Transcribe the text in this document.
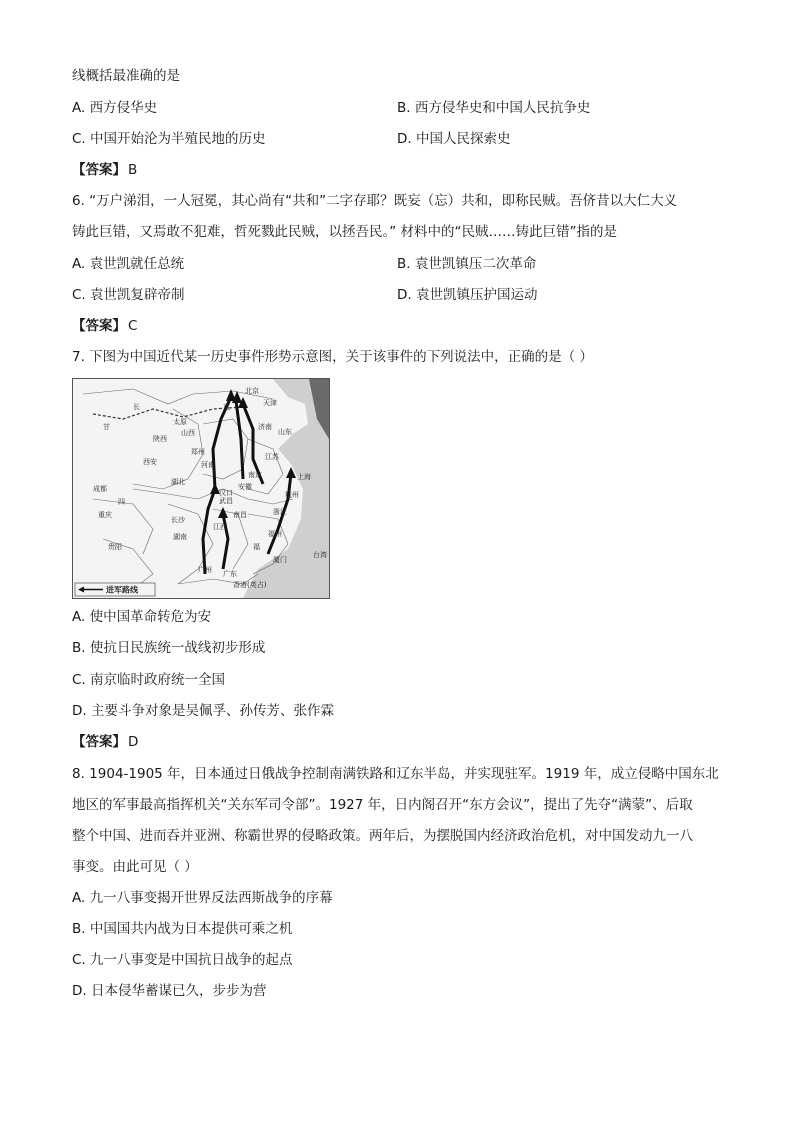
线概括最准确的是
A. 西方侵华史	B. 西方侵华史和中国人民抗争史
C. 中国开始沦为半殖民地的历史	D. 中国人民探索史
【答案】 B
6. “万户涕泪，一人冠冕，其心尚有“共和”二字存耶？既妄（忘）共和，即称民贼。吾侪昔以大仁大义
铸此巨错，又焉敢不犯难，哲死戮此民贼，以拯吾民。” 材料中的“民贼……铸此巨错”指的是
A. 袁世凯就任总统	B. 袁世凯镇压二次革命
C. 袁世凯复辟帝制	D. 袁世凯镇压护国运动
【答案】 C
7. 下图为中国近代某一历史事件形势示意图，关于该事件的下列说法中，正确的是（ ）
北京
天津
太原
山西
济南
山东
陕西
郑州
河南
西安
湖北
南京
安徽
上海
成都
重庆
长沙
湖南
南昌
江西
杭州
浙江
福州
贵阳
广州 广东
台湾
厦门
汉口
武昌
长
甘
直
江苏
四
福
香港(英占)
进军路线
A. 使中国革命转危为安
B. 使抗日民族统一战线初步形成
C. 南京临时政府统一全国
D. 主要斗争对象是吴佩孚、孙传芳、张作霖
【答案】 D
8. 1904-1905 年，日本通过日俄战争控制南满铁路和辽东半岛，并实现驻军。1919 年，成立侵略中国东北
地区的军事最高指挥机关“关东军司令部”。1927 年，日内阁召开“东方会议”，提出了先夺“满蒙”、后取
整个中国、进而吞并亚洲、称霸世界的侵略政策。两年后，为摆脱国内经济政治危机，对中国发动九一八
事变。由此可见（ ）
A. 九一八事变揭开世界反法西斯战争的序幕
B. 中国国共内战为日本提供可乘之机
C. 九一八事变是中国抗日战争的起点
D. 日本侵华蓄谋已久，步步为营
